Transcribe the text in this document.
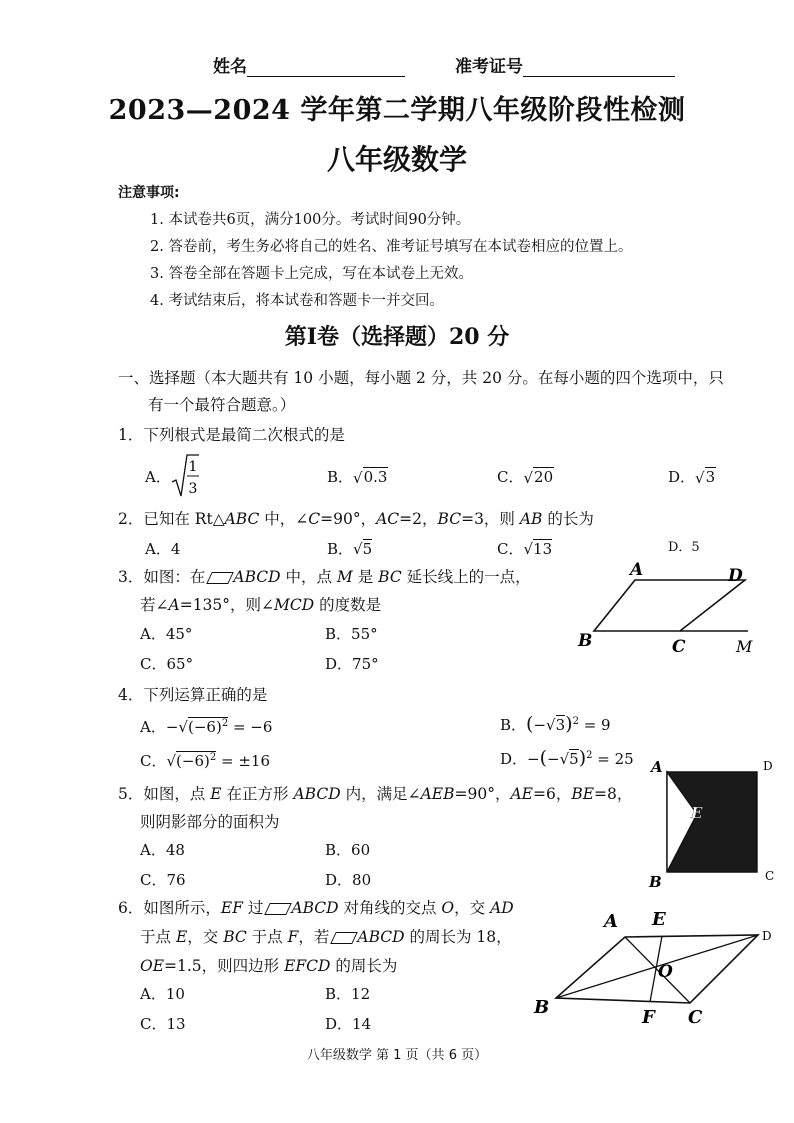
姓名	准考证号
2023—2024 学年第二学期八年级阶段性检测
八年级数学
注意事项:
1. 本试卷共6页，满分100分。考试时间90分钟。
2. 答卷前，考生务必将自己的姓名、准考证号填写在本试卷相应的位置上。
3. 答卷全部在答题卡上完成，写在本试卷上无效。
4. 考试结束后，将本试卷和答题卡一并交回。
第Ⅰ卷（选择题）20 分
一、选择题（本大题共有 10 小题，每小题 2 分，共 20 分。在每小题的四个选项中，只
有一个最符合题意。）
1．下列根式是最简二次根式的是
A．
1
3
B．√0.3	C．√20	D．√3
2．已知在 Rt△ABC 中，∠C=90°，AC=2，BC=3，则 AB 的长为
A．4	B．√5	C．√13	D．5
3．如图：在 ABCD 中，点 M 是 BC 延长线上的一点，
若∠A=135°，则∠MCD 的度数是
A．45°	B．55°
C．65°	D．75°
A	D
B	C	M
4．下列运算正确的是
A．$-√(-6)^2 = -6$	B．$(-√3)^2 = 9$
C．$√(-6)^2 = \pm 16$	D．$-(-√5)^2 = 25$
5．如图，点 E 在正方形 ABCD 内，满足∠AEB=90°，AE=6，BE=8，
则阴影部分的面积为
A．48	B．60
C．76	D．80
A	D
B	C
E
6．如图所示，EF 过 ABCD 对角线的交点 O，交 AD
于点 E，交 BC 于点 F，若 ABCD 的周长为 18，
OE=1.5，则四边形 EFCD 的周长为
A．10	B．12
C．13	D．14
A E
D
B	F C
O
八年级数学 第 1 页（共 6 页）
